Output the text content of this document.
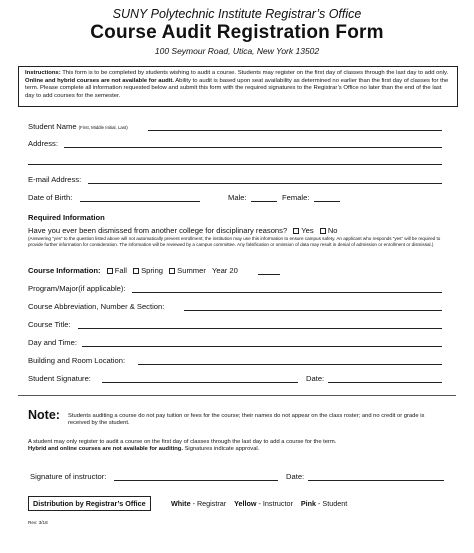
SUNY Polytechnic Institute Registrar’s Office
Course Audit Registration Form
100 Seymour Road, Utica, New York 13502
Instructions: This form is to be completed by students wishing to audit a course. Students may register on the first day of classes through the last day to add only. Online and hybrid courses are not available for audit. Ability to audit is based upon seat availability as determined no earlier than the first day of classes for the term. Please complete all information requested below and submit this form with the required signatures to the Registrar’s Office no later than the end of the last day to add courses for the semester.
Student Name (First, Middle Initial, Last)
Address:
E-mail Address:
Date of Birth:	Male:	Female:
Required Information
Have you ever been dismissed from another college for disciplinary reasons? Yes No
(Answering “yes” to the question listed above will not automatically prevent enrollment; the institution may use this information to ensure campus safety. An applicant who responds “yes” will be required to provide further information for consideration. The information will be reviewed by a campus committee. Any falsification or omission of data may result in denial of admission or enrollment or dismissal.)
Course Information: Fall Spring Summer Year 20
Program/Major(if applicable):
Course Abbreviation, Number & Section:
Course Title:
Day and Time:
Building and Room Location:
Student Signature:	Date:
Note: Students auditing a course do not pay tuition or fees for the course; their names do not appear on the class roster; and no credit or grade is received by the student.
A student may only register to audit a course on the first day of classes through the last day to add a course for the term.
Hybrid and online courses are not available for auditing. Signatures indicate approval.
Signature of instructor:	Date:
Distribution by Registrar’s Office	White - Registrar Yellow - Instructor Pink - Student
Rev: 3/18
